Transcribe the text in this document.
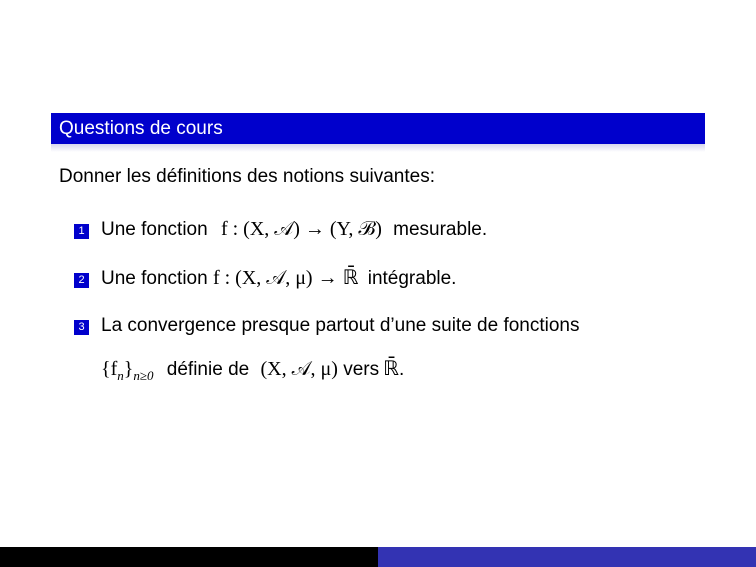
Questions de cours
Donner les définitions des notions suivantes:
1 Une fonction f : (X, 𝒜) → (Y, ℬ) mesurable.
2 Une fonction f : (X, 𝒜, μ) → ℝ̄ intégrable.
3 La convergence presque partout d’une suite de fonctions
$\{f_n\}_{n\ge 0}$ définie de (X, 𝒜, μ) vers ℝ̄.
